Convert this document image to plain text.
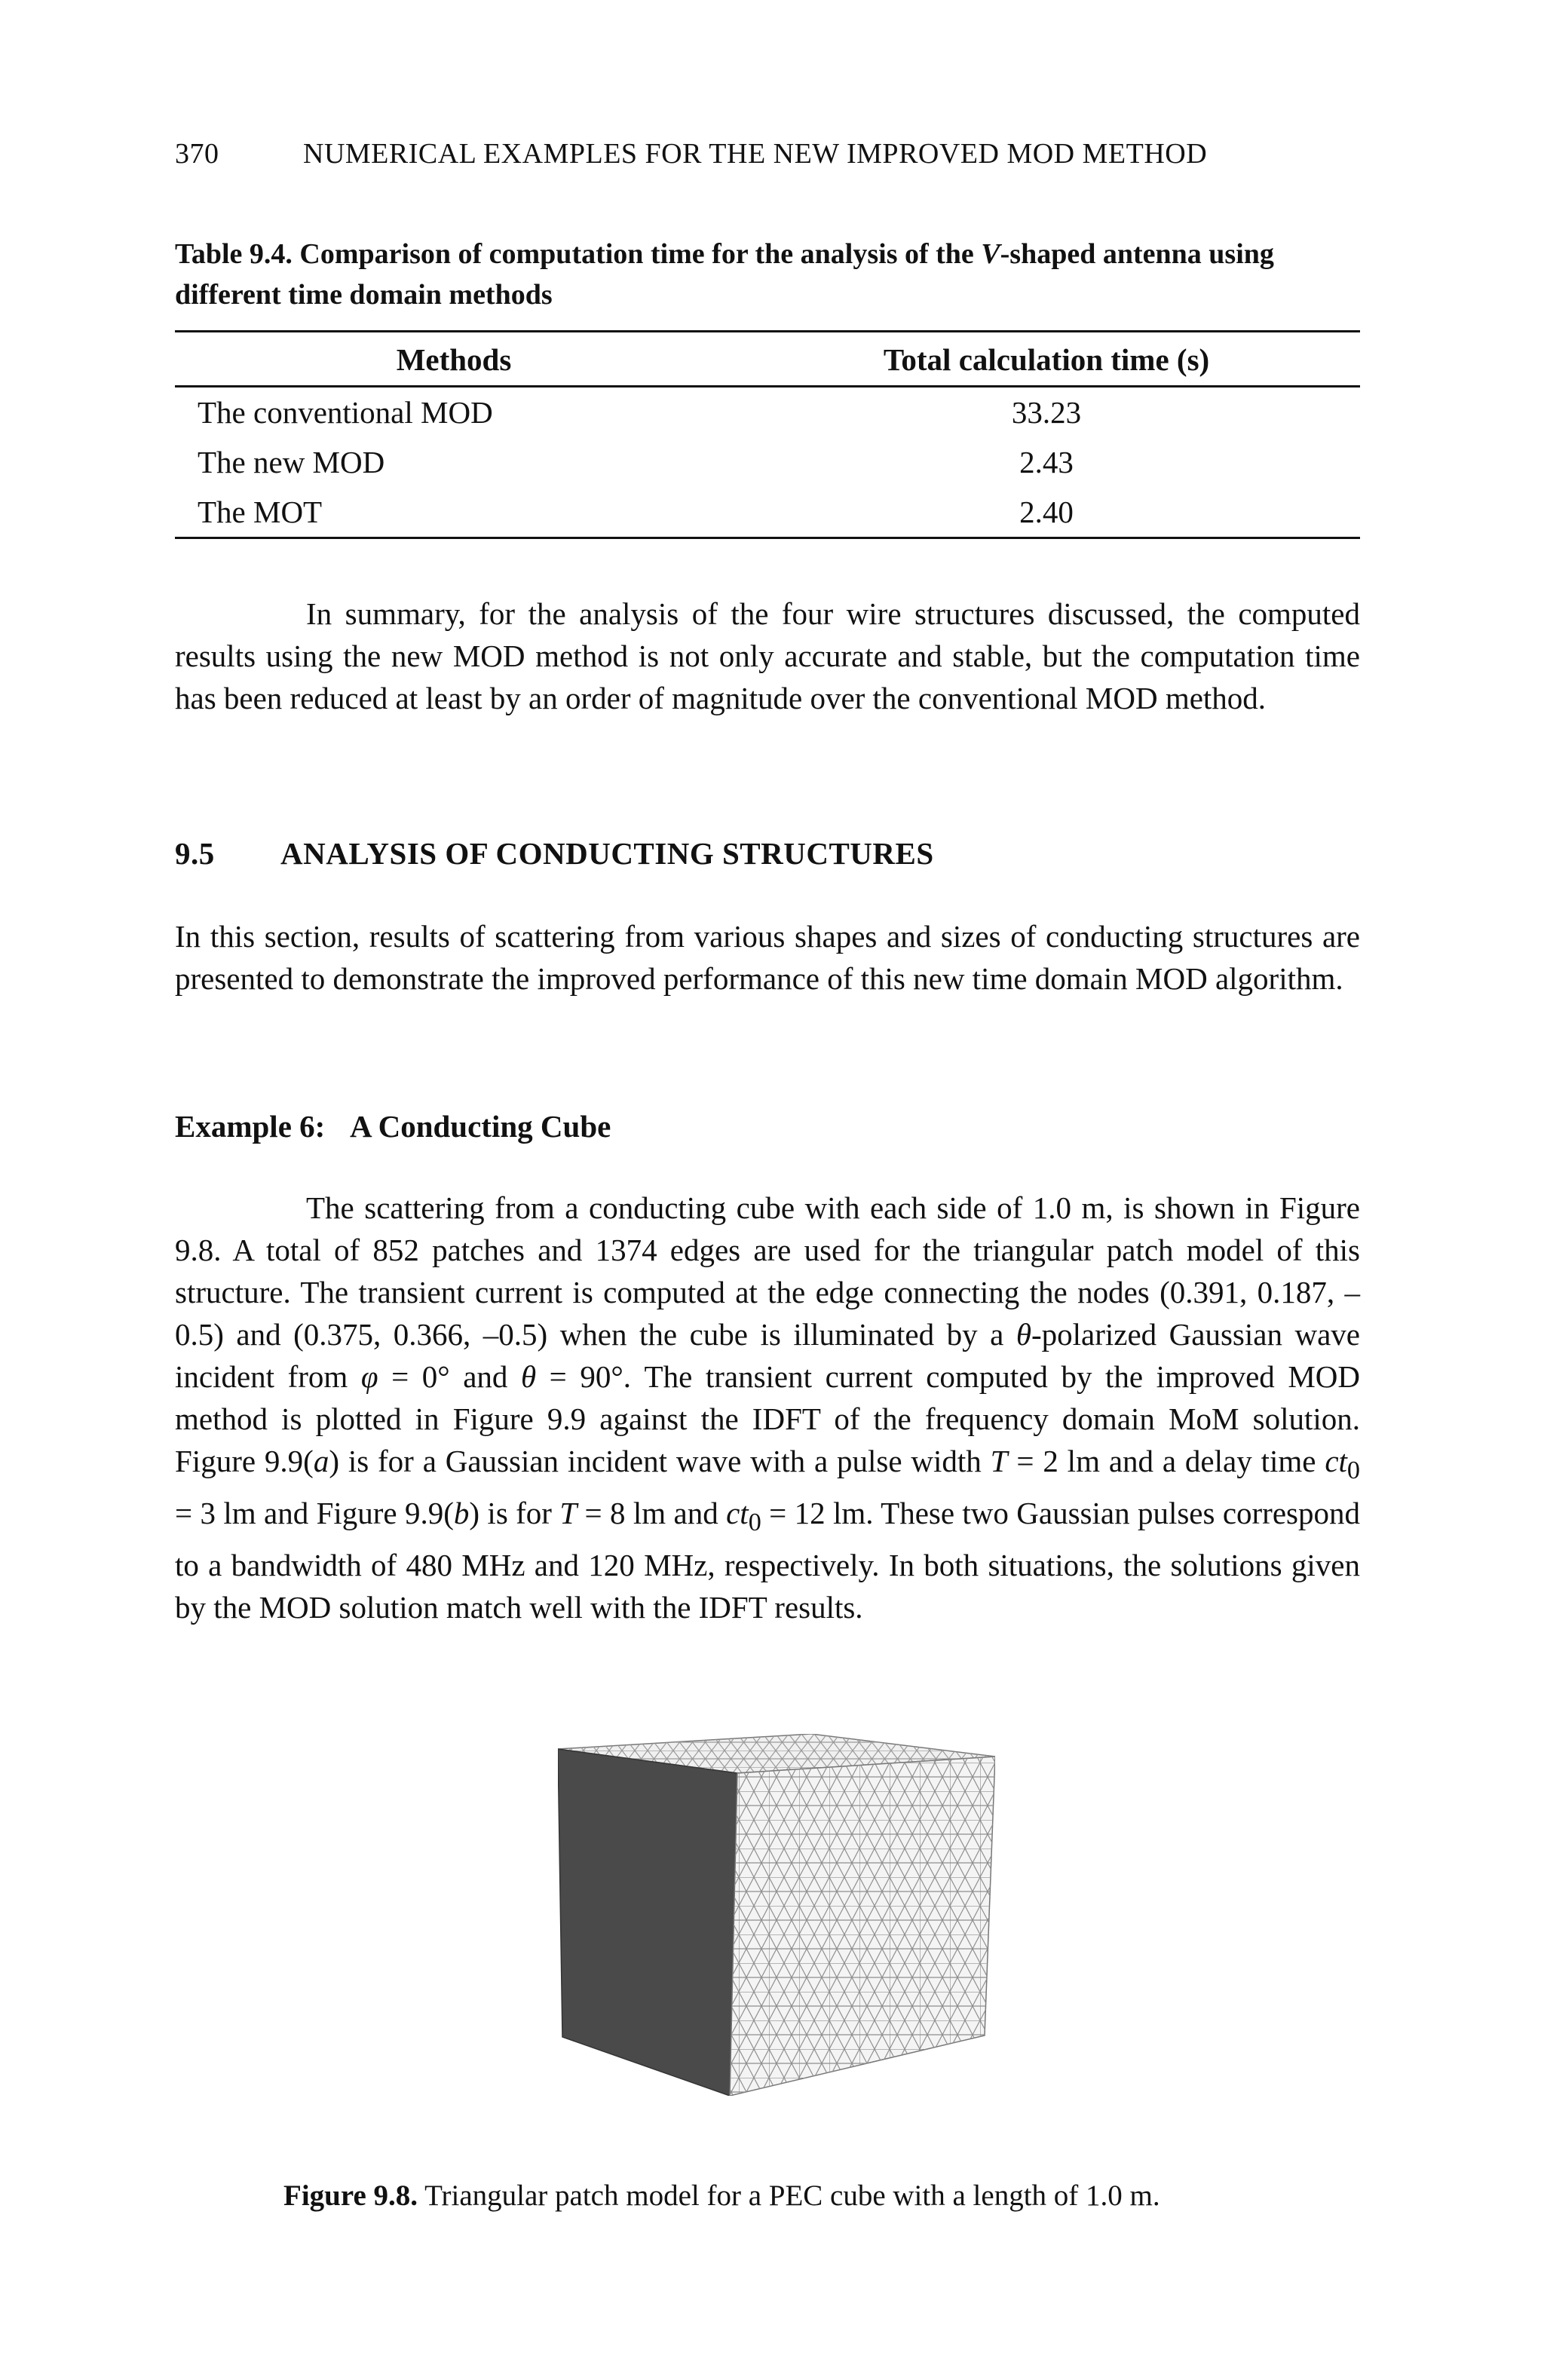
370	NUMERICAL EXAMPLES FOR THE NEW IMPROVED MOD METHOD
Table 9.4. Comparison of computation time for the analysis of the V-shaped antenna using different time domain methods
Methods	Total calculation time (s)
The conventional MOD	33.23
The new MOD	2.43
The MOT	2.40

In summary, for the analysis of the four wire structures discussed, the computed results using the new MOD method is not only accurate and stable, but the computation time has been reduced at least by an order of magnitude over the conventional MOD method.

9.5 ANALYSIS OF CONDUCTING STRUCTURES

In this section, results of scattering from various shapes and sizes of conducting structures are presented to demonstrate the improved performance of this new time domain MOD algorithm.

Example 6: A Conducting Cube

The scattering from a conducting cube with each side of 1.0 m, is shown in Figure 9.8. A total of 852 patches and 1374 edges are used for the triangular patch model of this structure. The transient current is computed at the edge connecting the nodes (0.391, 0.187, –0.5) and (0.375, 0.366, –0.5) when the cube is illuminated by a θ-polarized Gaussian wave incident from φ = 0° and θ = 90°. The transient current computed by the improved MOD method is plotted in Figure 9.9 against the IDFT of the frequency domain MoM solution. Figure 9.9(a) is for a Gaussian incident wave with a pulse width T = 2 lm and a delay time $ct_0 = 3$ lm and Figure 9.9(b) is for T = 8 lm and $ct_0 = 12$ lm. These two Gaussian pulses correspond to a bandwidth of 480 MHz and 120 MHz, respectively. In both situations, the solutions given by the MOD solution match well with the IDFT results.

Figure 9.8. Triangular patch model for a PEC cube with a length of 1.0 m.
